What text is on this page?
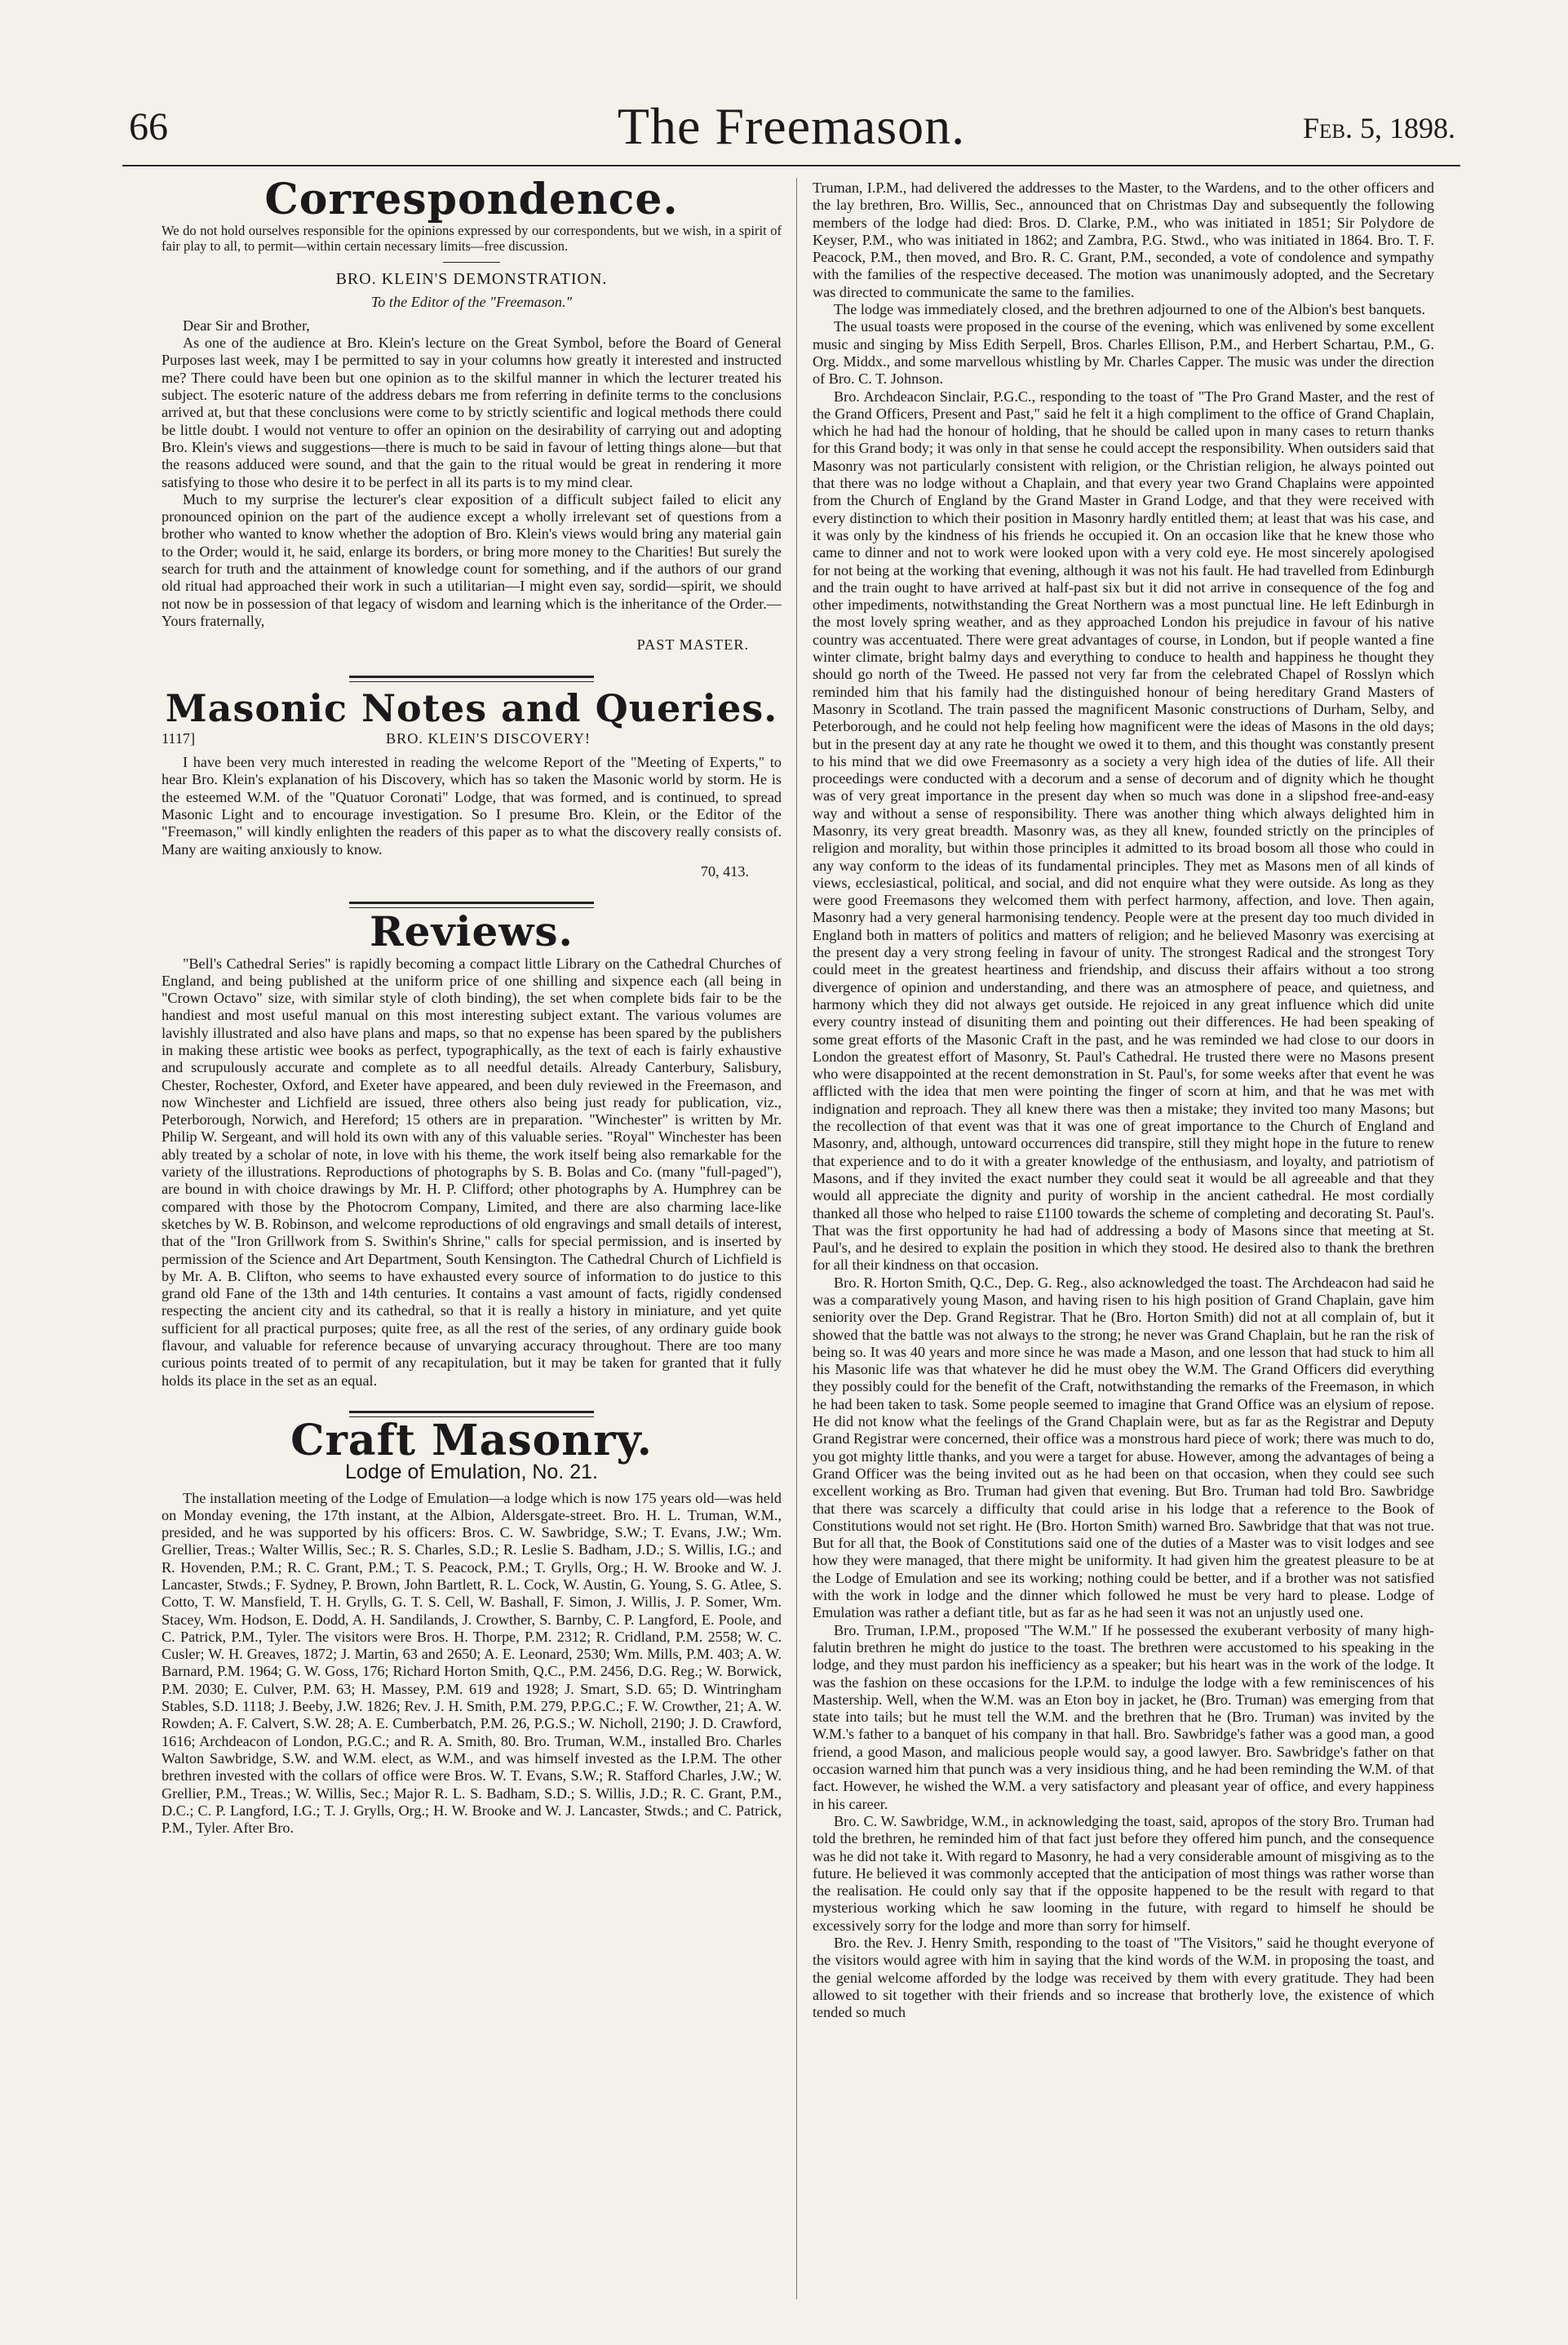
66	The Freemason.	Feb. 5, 1898.
Correspondence.

We do not hold ourselves responsible for the opinions expressed by our correspondents, but we wish, in a spirit of fair play to all, to permit—within certain necessary limits—free discussion.

BRO. KLEIN'S DEMONSTRATION.
To the Editor of the "Freemason."

Dear Sir and Brother,

As one of the audience at Bro. Klein's lecture on the Great Symbol, before the Board of General Purposes last week, may I be permitted to say in your columns how greatly it interested and instructed me? There could have been but one opinion as to the skilful manner in which the lecturer treated his subject. The esoteric nature of the address debars me from referring in definite terms to the conclusions arrived at, but that these conclusions were come to by strictly scientific and logical methods there could be little doubt. I would not venture to offer an opinion on the desirability of carrying out and adopting Bro. Klein's views and suggestions—there is much to be said in favour of letting things alone—but that the reasons adduced were sound, and that the gain to the ritual would be great in rendering it more satisfying to those who desire it to be perfect in all its parts is to my mind clear.

Much to my surprise the lecturer's clear exposition of a difficult subject failed to elicit any pronounced opinion on the part of the audience except a wholly irrelevant set of questions from a brother who wanted to know whether the adoption of Bro. Klein's views would bring any material gain to the Order; would it, he said, enlarge its borders, or bring more money to the Charities! But surely the search for truth and the attainment of knowledge count for something, and if the authors of our grand old ritual had approached their work in such a utilitarian—I might even say, sordid—spirit, we should not now be in possession of that legacy of wisdom and learning which is the inheritance of the Order.—Yours fraternally,

PAST MASTER.
Masonic Notes and Queries.
1117]	BRO. KLEIN'S DISCOVERY!

I have been very much interested in reading the welcome Report of the "Meeting of Experts," to hear Bro. Klein's explanation of his Discovery, which has so taken the Masonic world by storm. He is the esteemed W.M. of the "Quatuor Coronati" Lodge, that was formed, and is continued, to spread Masonic Light and to encourage investigation. So I presume Bro. Klein, or the Editor of the "Freemason," will kindly enlighten the readers of this paper as to what the discovery really consists of. Many are waiting anxiously to know.

70, 413.
Reviews.

"Bell's Cathedral Series" is rapidly becoming a compact little Library on the Cathedral Churches of England, and being published at the uniform price of one shilling and sixpence each (all being in "Crown Octavo" size, with similar style of cloth binding), the set when complete bids fair to be the handiest and most useful manual on this most interesting subject extant. The various volumes are lavishly illustrated and also have plans and maps, so that no expense has been spared by the publishers in making these artistic wee books as perfect, typographically, as the text of each is fairly exhaustive and scrupulously accurate and complete as to all needful details. Already Canterbury, Salisbury, Chester, Rochester, Oxford, and Exeter have appeared, and been duly reviewed in the Freemason, and now Winchester and Lichfield are issued, three others also being just ready for publication, viz., Peterborough, Norwich, and Hereford; 15 others are in preparation. "Winchester" is written by Mr. Philip W. Sergeant, and will hold its own with any of this valuable series. "Royal" Winchester has been ably treated by a scholar of note, in love with his theme, the work itself being also remarkable for the variety of the illustrations. Reproductions of photographs by S. B. Bolas and Co. (many "full-paged"), are bound in with choice drawings by Mr. H. P. Clifford; other photographs by A. Humphrey can be compared with those by the Photocrom Company, Limited, and there are also charming lace-like sketches by W. B. Robinson, and welcome reproductions of old engravings and small details of interest, that of the "Iron Grillwork from S. Swithin's Shrine," calls for special permission, and is inserted by permission of the Science and Art Department, South Kensington. The Cathedral Church of Lichfield is by Mr. A. B. Clifton, who seems to have exhausted every source of information to do justice to this grand old Fane of the 13th and 14th centuries. It contains a vast amount of facts, rigidly condensed respecting the ancient city and its cathedral, so that it is really a history in miniature, and yet quite sufficient for all practical purposes; quite free, as all the rest of the series, of any ordinary guide book flavour, and valuable for reference because of unvarying accuracy throughout. There are too many curious points treated of to permit of any recapitulation, but it may be taken for granted that it fully holds its place in the set as an equal.

Craft Masonry.
Lodge of Emulation, No. 21.

The installation meeting of the Lodge of Emulation—a lodge which is now 175 years old—was held on Monday evening, the 17th instant, at the Albion, Aldersgate-street. Bro. H. L. Truman, W.M., presided, and he was supported by his officers: Bros. C. W. Sawbridge, S.W.; T. Evans, J.W.; Wm. Grellier, Treas.; Walter Willis, Sec.; R. S. Charles, S.D.; R. Leslie S. Badham, J.D.; S. Willis, I.G.; and R. Hovenden, P.M.; R. C. Grant, P.M.; T. S. Peacock, P.M.; T. Grylls, Org.; H. W. Brooke and W. J. Lancaster, Stwds.; F. Sydney, P. Brown, John Bartlett, R. L. Cock, W. Austin, G. Young, S. G. Atlee, S. Cotto, T. W. Mansfield, T. H. Grylls, G. T. S. Cell, W. Bashall, F. Simon, J. Willis, J. P. Somer, Wm. Stacey, Wm. Hodson, E. Dodd, A. H. Sandilands, J. Crowther, S. Barnby, C. P. Langford, E. Poole, and C. Patrick, P.M., Tyler. The visitors were Bros. H. Thorpe, P.M. 2312; R. Cridland, P.M. 2558; W. C. Cusler; W. H. Greaves, 1872; J. Martin, 63 and 2650; A. E. Leonard, 2530; Wm. Mills, P.M. 403; A. W. Barnard, P.M. 1964; G. W. Goss, 176; Richard Horton Smith, Q.C., P.M. 2456, D.G. Reg.; W. Borwick, P.M. 2030; E. Culver, P.M. 63; H. Massey, P.M. 619 and 1928; J. Smart, S.D. 65; D. Wintringham Stables, S.D. 1118; J. Beeby, J.W. 1826; Rev. J. H. Smith, P.M. 279, P.P.G.C.; F. W. Crowther, 21; A. W. Rowden; A. F. Calvert, S.W. 28; A. E. Cumberbatch, P.M. 26, P.G.S.; W. Nicholl, 2190; J. D. Crawford, 1616; Archdeacon of London, P.G.C.; and R. A. Smith, 80. Bro. Truman, W.M., installed Bro. Charles Walton Sawbridge, S.W. and W.M. elect, as W.M., and was himself invested as the I.P.M. The other brethren invested with the collars of office were Bros. W. T. Evans, S.W.; R. Stafford Charles, J.W.; W. Grellier, P.M., Treas.; W. Willis, Sec.; Major R. L. S. Badham, S.D.; S. Willis, J.D.; R. C. Grant, P.M., D.C.; C. P. Langford, I.G.; T. J. Grylls, Org.; H. W. Brooke and W. J. Lancaster, Stwds.; and C. Patrick, P.M., Tyler. After Bro.

Truman, I.P.M., had delivered the addresses to the Master, to the Wardens, and to the other officers and the lay brethren, Bro. Willis, Sec., announced that on Christmas Day and subsequently the following members of the lodge had died: Bros. D. Clarke, P.M., who was initiated in 1851; Sir Polydore de Keyser, P.M., who was initiated in 1862; and Zambra, P.G. Stwd., who was initiated in 1864. Bro. T. F. Peacock, P.M., then moved, and Bro. R. C. Grant, P.M., seconded, a vote of condolence and sympathy with the families of the respective deceased. The motion was unanimously adopted, and the Secretary was directed to communicate the same to the families.

The lodge was immediately closed, and the brethren adjourned to one of the Albion's best banquets.

The usual toasts were proposed in the course of the evening, which was enlivened by some excellent music and singing by Miss Edith Serpell, Bros. Charles Ellison, P.M., and Herbert Schartau, P.M., G. Org. Middx., and some marvellous whistling by Mr. Charles Capper. The music was under the direction of Bro. C. T. Johnson.

Bro. Archdeacon Sinclair, P.G.C., responding to the toast of "The Pro Grand Master, and the rest of the Grand Officers, Present and Past," said he felt it a high compliment to the office of Grand Chaplain, which he had had the honour of holding, that he should be called upon in many cases to return thanks for this Grand body; it was only in that sense he could accept the responsibility. When outsiders said that Masonry was not particularly consistent with religion, or the Christian religion, he always pointed out that there was no lodge without a Chaplain, and that every year two Grand Chaplains were appointed from the Church of England by the Grand Master in Grand Lodge, and that they were received with every distinction to which their position in Masonry hardly entitled them; at least that was his case, and it was only by the kindness of his friends he occupied it. On an occasion like that he knew those who came to dinner and not to work were looked upon with a very cold eye. He most sincerely apologised for not being at the working that evening, although it was not his fault. He had travelled from Edinburgh and the train ought to have arrived at half-past six but it did not arrive in consequence of the fog and other impediments, notwithstanding the Great Northern was a most punctual line. He left Edinburgh in the most lovely spring weather, and as they approached London his prejudice in favour of his native country was accentuated. There were great advantages of course, in London, but if people wanted a fine winter climate, bright balmy days and everything to conduce to health and happiness he thought they should go north of the Tweed. He passed not very far from the celebrated Chapel of Rosslyn which reminded him that his family had the distinguished honour of being hereditary Grand Masters of Masonry in Scotland. The train passed the magnificent Masonic constructions of Durham, Selby, and Peterborough, and he could not help feeling how magnificent were the ideas of Masons in the old days; but in the present day at any rate he thought we owed it to them, and this thought was constantly present to his mind that we did owe Freemasonry as a society a very high idea of the duties of life. All their proceedings were conducted with a decorum and a sense of decorum and of dignity which he thought was of very great importance in the present day when so much was done in a slipshod free-and-easy way and without a sense of responsibility. There was another thing which always delighted him in Masonry, its very great breadth. Masonry was, as they all knew, founded strictly on the principles of religion and morality, but within those principles it admitted to its broad bosom all those who could in any way conform to the ideas of its fundamental principles. They met as Masons men of all kinds of views, ecclesiastical, political, and social, and did not enquire what they were outside. As long as they were good Freemasons they welcomed them with perfect harmony, affection, and love. Then again, Masonry had a very general harmonising tendency. People were at the present day too much divided in England both in matters of politics and matters of religion; and he believed Masonry was exercising at the present day a very strong feeling in favour of unity. The strongest Radical and the strongest Tory could meet in the greatest heartiness and friendship, and discuss their affairs without a too strong divergence of opinion and understanding, and there was an atmosphere of peace, and quietness, and harmony which they did not always get outside. He rejoiced in any great influence which did unite every country instead of disuniting them and pointing out their differences. He had been speaking of some great efforts of the Masonic Craft in the past, and he was reminded we had close to our doors in London the greatest effort of Masonry, St. Paul's Cathedral. He trusted there were no Masons present who were disappointed at the recent demonstration in St. Paul's, for some weeks after that event he was afflicted with the idea that men were pointing the finger of scorn at him, and that he was met with indignation and reproach. They all knew there was then a mistake; they invited too many Masons; but the recollection of that event was that it was one of great importance to the Church of England and Masonry, and, although, untoward occurrences did transpire, still they might hope in the future to renew that experience and to do it with a greater knowledge of the enthusiasm, and loyalty, and patriotism of Masons, and if they invited the exact number they could seat it would be all agreeable and that they would all appreciate the dignity and purity of worship in the ancient cathedral. He most cordially thanked all those who helped to raise £1100 towards the scheme of completing and decorating St. Paul's. That was the first opportunity he had had of addressing a body of Masons since that meeting at St. Paul's, and he desired to explain the position in which they stood. He desired also to thank the brethren for all their kindness on that occasion.

Bro. R. Horton Smith, Q.C., Dep. G. Reg., also acknowledged the toast. The Archdeacon had said he was a comparatively young Mason, and having risen to his high position of Grand Chaplain, gave him seniority over the Dep. Grand Registrar. That he (Bro. Horton Smith) did not at all complain of, but it showed that the battle was not always to the strong; he never was Grand Chaplain, but he ran the risk of being so. It was 40 years and more since he was made a Mason, and one lesson that had stuck to him all his Masonic life was that whatever he did he must obey the W.M. The Grand Officers did everything they possibly could for the benefit of the Craft, notwithstanding the remarks of the Freemason, in which he had been taken to task. Some people seemed to imagine that Grand Office was an elysium of repose. He did not know what the feelings of the Grand Chaplain were, but as far as the Registrar and Deputy Grand Registrar were concerned, their office was a monstrous hard piece of work; there was much to do, you got mighty little thanks, and you were a target for abuse. However, among the advantages of being a Grand Officer was the being invited out as he had been on that occasion, when they could see such excellent working as Bro. Truman had given that evening. But Bro. Truman had told Bro. Sawbridge that there was scarcely a difficulty that could arise in his lodge that a reference to the Book of Constitutions would not set right. He (Bro. Horton Smith) warned Bro. Sawbridge that that was not true. But for all that, the Book of Constitutions said one of the duties of a Master was to visit lodges and see how they were managed, that there might be uniformity. It had given him the greatest pleasure to be at the Lodge of Emulation and see its working; nothing could be better, and if a brother was not satisfied with the work in lodge and the dinner which followed he must be very hard to please. Lodge of Emulation was rather a defiant title, but as far as he had seen it was not an unjustly used one.

Bro. Truman, I.P.M., proposed "The W.M." If he possessed the exuberant verbosity of many high-falutin brethren he might do justice to the toast. The brethren were accustomed to his speaking in the lodge, and they must pardon his inefficiency as a speaker; but his heart was in the work of the lodge. It was the fashion on these occasions for the I.P.M. to indulge the lodge with a few reminiscences of his Mastership. Well, when the W.M. was an Eton boy in jacket, he (Bro. Truman) was emerging from that state into tails; but he must tell the W.M. and the brethren that he (Bro. Truman) was invited by the W.M.'s father to a banquet of his company in that hall. Bro. Sawbridge's father was a good man, a good friend, a good Mason, and malicious people would say, a good lawyer. Bro. Sawbridge's father on that occasion warned him that punch was a very insidious thing, and he had been reminding the W.M. of that fact. However, he wished the W.M. a very satisfactory and pleasant year of office, and every happiness in his career.

Bro. C. W. Sawbridge, W.M., in acknowledging the toast, said, apropos of the story Bro. Truman had told the brethren, he reminded him of that fact just before they offered him punch, and the consequence was he did not take it. With regard to Masonry, he had a very considerable amount of misgiving as to the future. He believed it was commonly accepted that the anticipation of most things was rather worse than the realisation. He could only say that if the opposite happened to be the result with regard to that mysterious working which he saw looming in the future, with regard to himself he should be excessively sorry for the lodge and more than sorry for himself.

Bro. the Rev. J. Henry Smith, responding to the toast of "The Visitors," said he thought everyone of the visitors would agree with him in saying that the kind words of the W.M. in proposing the toast, and the genial welcome afforded by the lodge was received by them with every gratitude. They had been allowed to sit together with their friends and so increase that brotherly love, the existence of which tended so much
